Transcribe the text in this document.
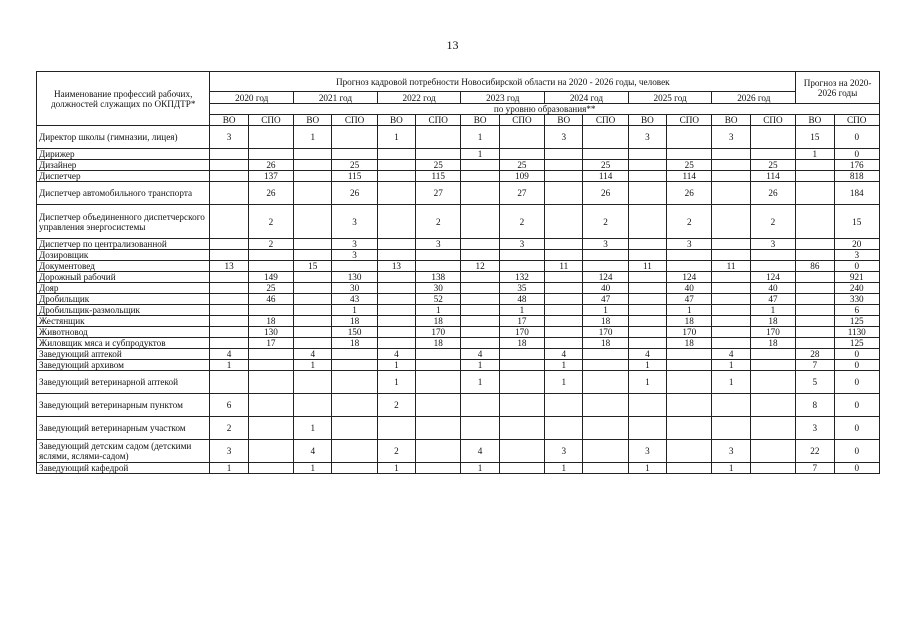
13
Наименование профессий рабочих, должностей служащих по ОКПДТР*	Прогноз кадровой потребности Новосибирской области на 2020 - 2026 годы, человек														Прогноз на 2020-2026 годы	
	2020 год		2021 год		2022 год		2023 год		2024 год		2025 год		2026 год			
	по уровню образования**															
	ВО	СПО	ВО	СПО	ВО	СПО	ВО	СПО	ВО	СПО	ВО	СПО	ВО	СПО	ВО	СПО
Директор школы (гимназии, лицея)	3		1		1		1		3		3		3		15	0
Дирижер							1								1	0
Дизайнер		26		25		25		25		25		25		25		176
Диспетчер		137		115		115		109		114		114		114		818
Диспетчер автомобильного транспорта		26		26		27		27		26		26		26		184
Диспетчер объединенного диспетчерского управления энергосистемы		2		3		2		2		2		2		2		15
Диспетчер по централизованной		2		3		3		3		3		3		3		20
Дозировщик				3												3
Документовед	13		15		13		12		11		11		11		86	0
Дорожный рабочий		149		130		138		132		124		124		124		921
Дояр		25		30		30		35		40		40		40		240
Дробильщик		46		43		52		48		47		47		47		330
Дробильщик-размольщик				1		1		1		1		1		1		6
Жестянщик		18		18		18		17		18		18		18		125
Животновод		130		150		170		170		170		170		170		1130
Жиловщик мяса и субпродуктов		17		18		18		18		18		18		18		125
Заведующий аптекой	4		4		4		4		4		4		4		28	0
Заведующий архивом	1		1		1		1		1		1		1		7	0
Заведующий ветеринарной аптекой					1		1		1		1		1		5	0
Заведующий ветеринарным пунктом	6				2										8	0
Заведующий ветеринарным участком	2		1												3	0
Заведующий детским садом (детскими яслями, яслями-садом)	3		4		2		4		3		3		3		22	0
Заведующий кафедрой	1		1		1		1		1		1		1		7	0
